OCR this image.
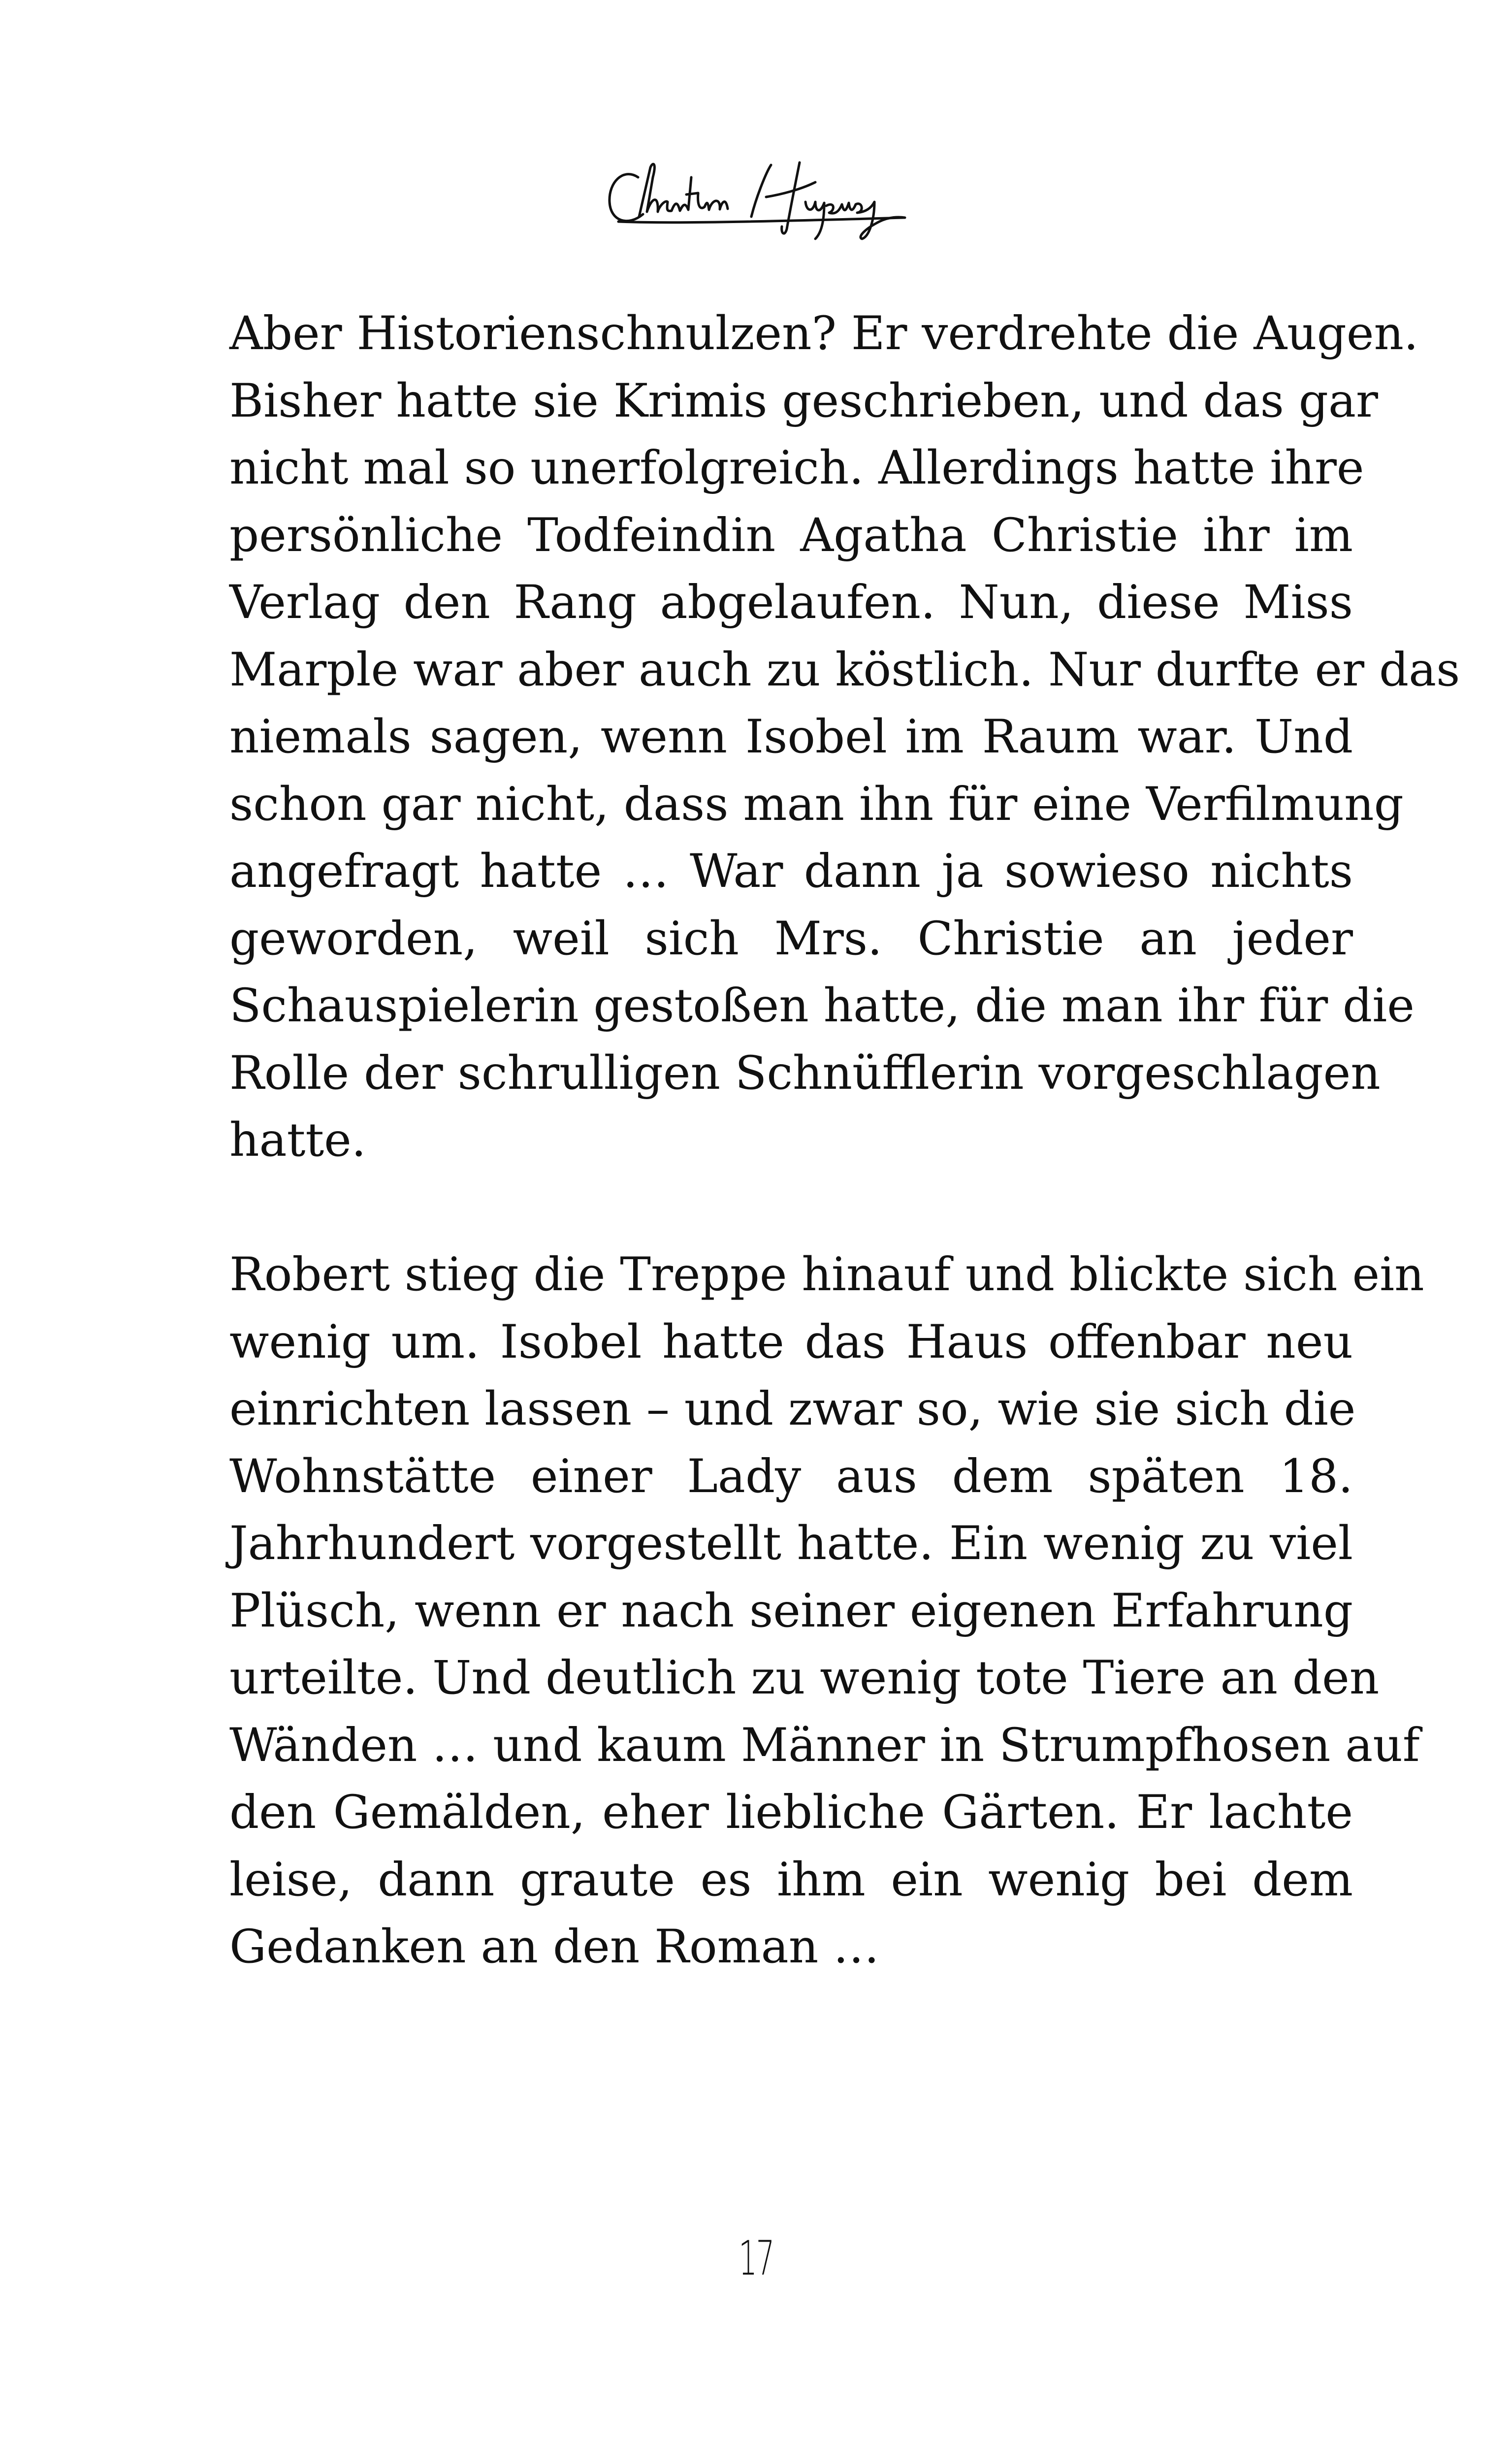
Aber Historienschnulzen? Er verdrehte die Augen.
Bisher hatte sie Krimis geschrieben, und das gar
nicht mal so unerfolgreich. Allerdings hatte ihre
persönliche Todfeindin Agatha Christie ihr im
Verlag den Rang abgelaufen. Nun, diese Miss
Marple war aber auch zu köstlich. Nur durfte er das
niemals sagen, wenn Isobel im Raum war. Und
schon gar nicht, dass man ihn für eine Verfilmung
angefragt hatte … War dann ja sowieso nichts
geworden, weil sich Mrs. Christie an jeder
Schauspielerin gestoßen hatte, die man ihr für die
Rolle der schrulligen Schnüfflerin vorgeschlagen
hatte.

Robert stieg die Treppe hinauf und blickte sich ein
wenig um. Isobel hatte das Haus offenbar neu
einrichten lassen – und zwar so, wie sie sich die
Wohnstätte einer Lady aus dem späten 18.
Jahrhundert vorgestellt hatte. Ein wenig zu viel
Plüsch, wenn er nach seiner eigenen Erfahrung
urteilte. Und deutlich zu wenig tote Tiere an den
Wänden … und kaum Männer in Strumpfhosen auf
den Gemälden, eher liebliche Gärten. Er lachte
leise, dann graute es ihm ein wenig bei dem
Gedanken an den Roman …

17
